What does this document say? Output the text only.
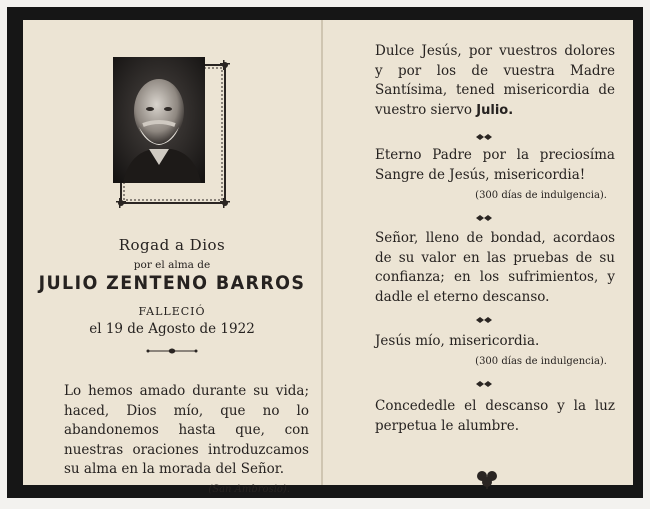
Rogad a Dios
por el alma de
JULIO ZENTENO BARROS
FALLECIÓ
el 19 de Agosto de 1922
Lo hemos amado durante su vida; haced, Dios mío, que no lo abandonemos hasta que, con nuestras oraciones introduzcamos su alma en la morada del Señor.
(San Ambrosio).
Dulce Jesús, por vuestros dolores y por los de vuestra Madre Santísima, tened misericordia de vuestro siervo Julio.
Eterno Padre por la preciosíma Sangre de Jesús, misericordia!
(300 días de indulgencia).
Señor, lleno de bondad, acordaos de su valor en las pruebas de su confianza; en los sufrimientos, y dadle el eterno descanso.
Jesús mío, misericordia.
(300 días de indulgencia).
Concededle el descanso y la luz perpetua le alumbre.
